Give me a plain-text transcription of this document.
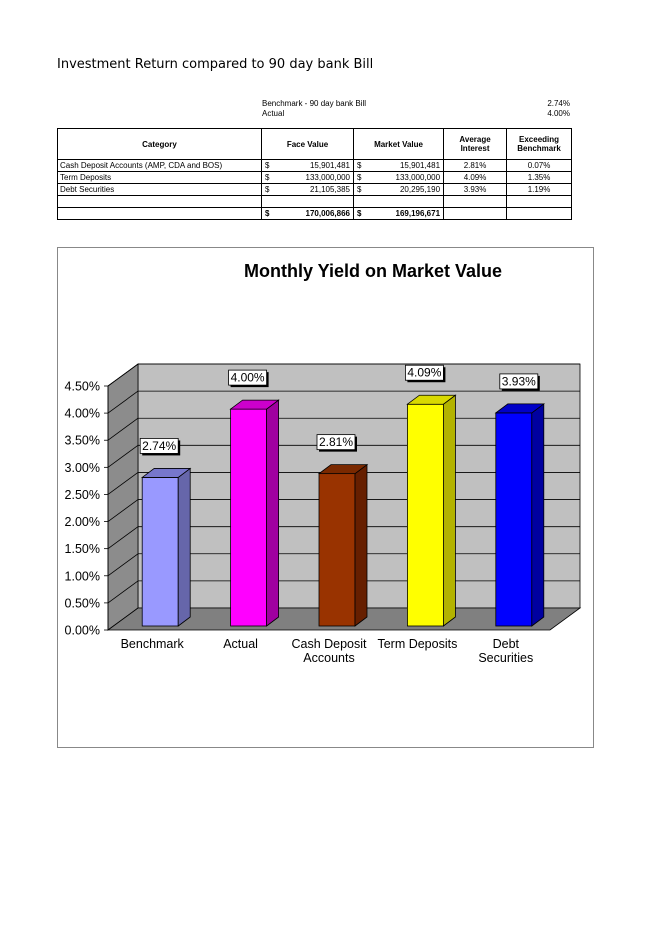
Investment Return compared to 90 day bank Bill
Benchmark - 90 day bank Bill	2.74%
Actual	4.00%
Category	Face Value		Market Value		Average Interest	Exceeding Benchmark
Cash Deposit Accounts (AMP, CDA and BOS)	$	15,901,481	$	15,901,481	2.81%	0.07%
Term Deposits	$	133,000,000	$	133,000,000	4.09%	1.35%
Debt Securities	$	21,105,385	$	20,295,190	3.93%	1.19%

	$	170,006,866	$	169,196,671		
Monthly Yield on Market Value
0.00%
0.50%
1.00%
1.50%
2.00%
2.50%
3.00%
3.50%
4.00%
4.50%
2.74%
Benchmark
4.00%
Actual
2.81%
Cash Deposit
Accounts
4.09%
Term Deposits
3.93%
Debt
Securities
